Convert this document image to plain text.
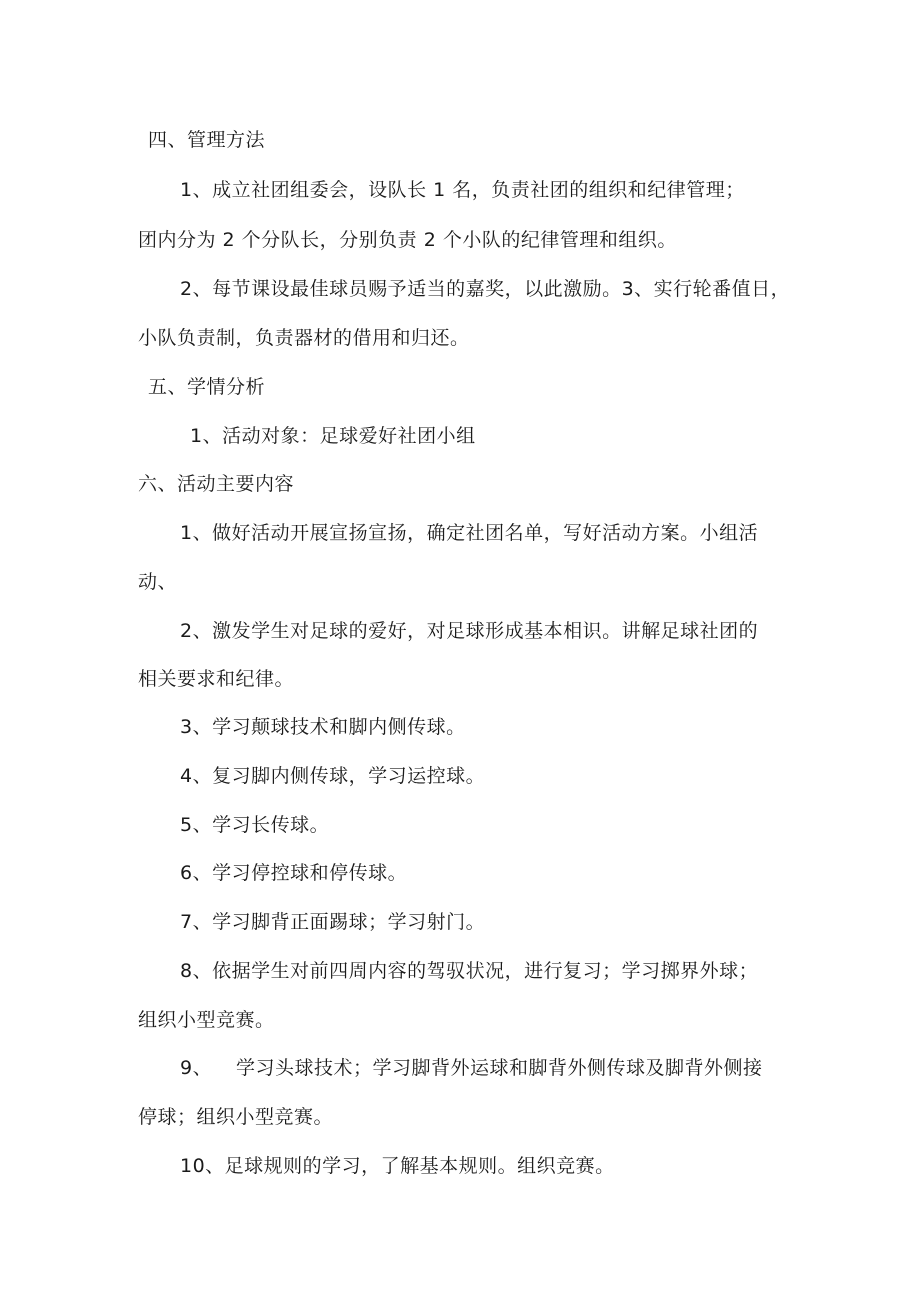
四、管理方法
1、成立社团组委会，设队长 1 名，负责社团的组织和纪律管理；
团内分为 2 个分队长，分别负责 2 个小队的纪律管理和组织。
2、每节课设最佳球员赐予适当的嘉奖，以此激励。3、实行轮番值日，
小队负责制，负责器材的借用和归还。
五、学情分析
1、活动对象：足球爱好社团小组
六、活动主要内容
1、做好活动开展宣扬宣扬，确定社团名单，写好活动方案。小组活
动、
2、激发学生对足球的爱好，对足球形成基本相识。讲解足球社团的
相关要求和纪律。
3、学习颠球技术和脚内侧传球。
4、复习脚内侧传球，学习运控球。
5、学习长传球。
6、学习停控球和停传球。
7、学习脚背正面踢球；学习射门。
8、依据学生对前四周内容的驾驭状况，进行复习；学习掷界外球；
组织小型竞赛。
9、 学习头球技术；学习脚背外运球和脚背外侧传球及脚背外侧接
停球；组织小型竞赛。
10、足球规则的学习，了解基本规则。组织竞赛。
